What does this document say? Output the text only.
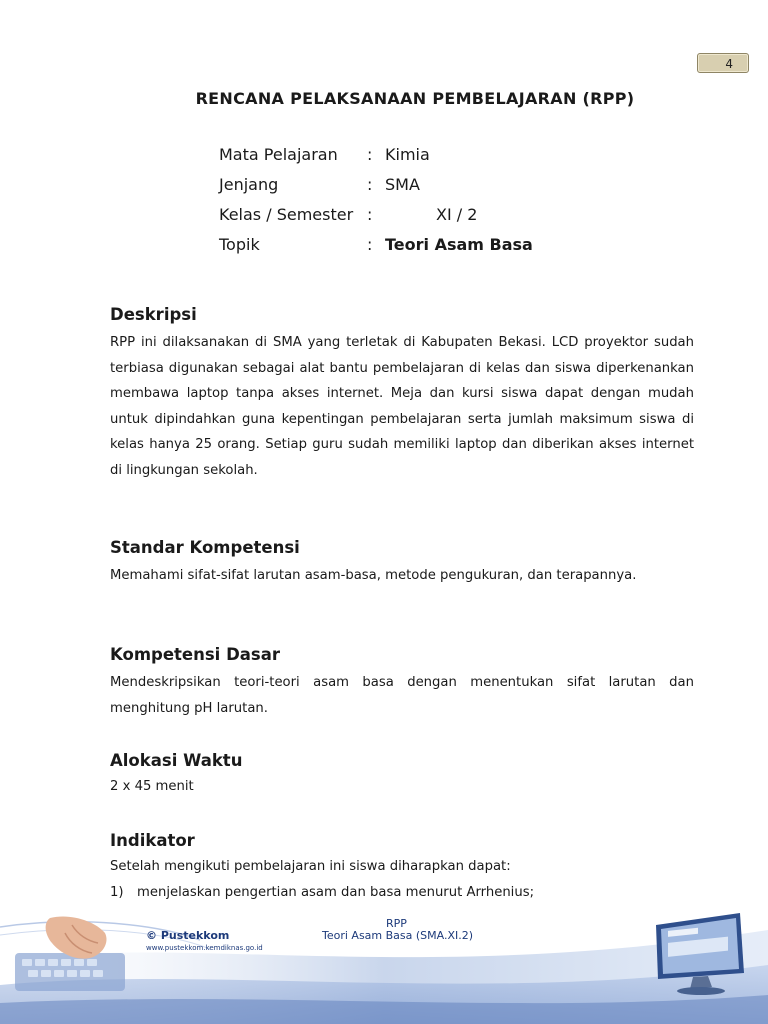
4
RENCANA PELAKSANAAN PEMBELAJARAN (RPP)
Mata Pelajaran	: Kimia
Jenjang	: SMA
Kelas / Semester :	XI / 2
Topik	: Teori Asam Basa
Deskripsi

RPP ini dilaksanakan di SMA yang terletak di Kabupaten Bekasi. LCD proyektor sudah terbiasa digunakan sebagai alat bantu pembelajaran di kelas dan siswa diperkenankan membawa laptop tanpa akses internet. Meja dan kursi siswa dapat dengan mudah untuk dipindahkan guna kepentingan pembelajaran serta jumlah maksimum siswa di kelas hanya 25 orang. Setiap guru sudah memiliki laptop dan diberikan akses internet di lingkungan sekolah.

Standar Kompetensi

Memahami sifat-sifat larutan asam-basa, metode pengukuran, dan terapannya.

Kompetensi Dasar

Mendeskripsikan teori-teori asam basa dengan menentukan sifat larutan dan menghitung pH larutan.

Alokasi Waktu

2 x 45 menit

Indikator

Setelah mengikuti pembelajaran ini siswa diharapkan dapat:

1)	menjelaskan pengertian asam dan basa menurut Arrhenius;
© Pustekkom
www.pustekkom.kemdiknas.go.id
RPP
Teori Asam Basa (SMA.XI.2)
